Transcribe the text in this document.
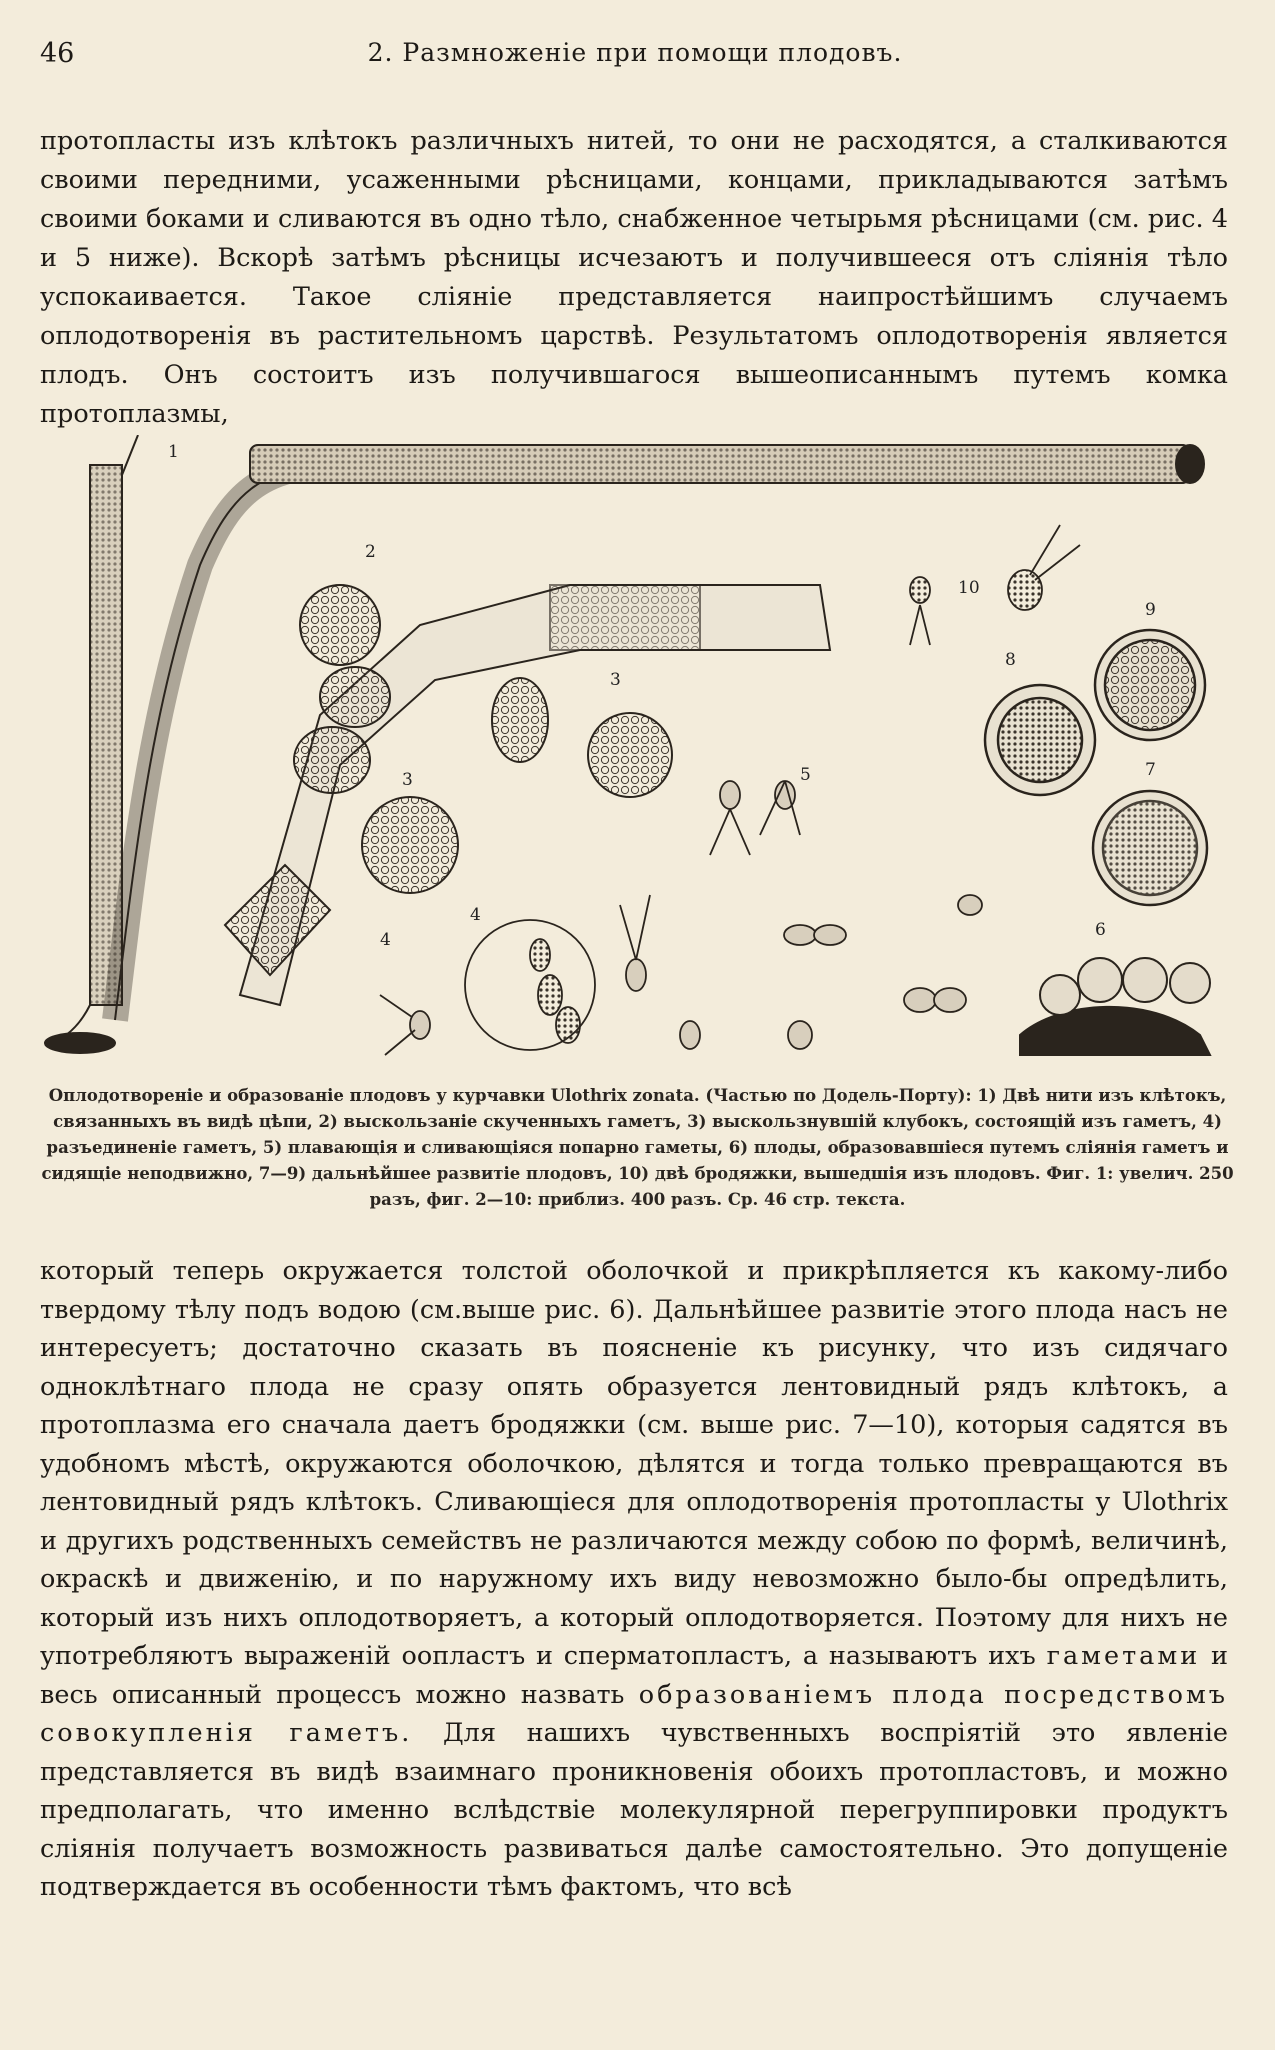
46	2. Размноженіе при помощи плодовъ.

протопласты изъ клѣтокъ различныхъ нитей, то они не расходятся, а сталкиваются своими передними, усаженными рѣсницами, концами, прикладываются затѣмъ своими боками и сливаются въ одно тѣло, снабженное четырьмя рѣсницами (см. рис. 4 и 5 ниже). Вскорѣ затѣмъ рѣсницы исчезаютъ и получившееся отъ слiянiя тѣло успокаивается. Такое слiянiе представляется наипростѣйшимъ случаемъ оплодотворенія въ растительномъ царствѣ. Результатомъ оплодотворенія является плодъ. Онъ состоитъ изъ получившагося вышеописаннымъ путемъ комка протоплазмы,

1
2
3
3
4
4
5
6
7
8
9
10

Оплодотвореніе и образованіе плодовъ у курчавки Ulothrix zonata. (Частью по Додель-Порту): 1) Двѣ нити изъ клѣтокъ, связанныхъ въ видѣ цѣпи, 2) выскользаніе скученныхъ гаметъ, 3) выскользнувшій клубокъ, состоящій изъ гаметъ, 4) разъединеніе гаметъ, 5) плавающія и сливающіяся попарно гаметы, 6) плоды, образовавшіеся путемъ слiянiя гаметъ и сидящіе неподвижно, 7—9) дальнѣйшее развитіе плодовъ, 10) двѣ бродяжки, вышедшія изъ плодовъ. Фиг. 1: увелич. 250 разъ, фиг. 2—10: приблиз. 400 разъ. Ср. 46 стр. текста.

который теперь окружается толстой оболочкой и прикрѣпляется къ какому-либо твердому тѣлу подъ водою (см.выше рис. 6). Дальнѣйшее развитіе этого плода насъ не интересуетъ; достаточно сказать въ поясненіе къ рисунку, что изъ сидячаго одноклѣтнаго плода не сразу опять образуется лентовидный рядъ клѣтокъ, а протоплазма его сначала даетъ бродяжки (см. выше рис. 7—10), которыя садятся въ удобномъ мѣстѣ, окружаются оболочкою, дѣлятся и тогда только превращаются въ лентовидный рядъ клѣтокъ. Сливающіеся для оплодотворенія протопласты у Ulothrix и другихъ родственныхъ семействъ не различаются между собою по формѣ, величинѣ, окраскѣ и движенію, и по наружному ихъ виду невозможно было-бы опредѣлить, который изъ нихъ оплодотворяетъ, а который оплодотворяется. Поэтому для нихъ не употребляютъ выраженій оопластъ и сперматопластъ, а называютъ ихъ гаметами и весь описанный процессъ можно назвать образованіемъ плода посредствомъ совокупленія гаметъ. Для нашихъ чувственныхъ воспріятій это явленіе представляется въ видѣ взаимнаго проникновенія обоихъ протопластовъ, и можно предполагать, что именно вслѣдствіе молекулярной перегруппировки продуктъ слiянiя получаетъ возможность развиваться далѣе самостоятельно. Это допущеніе подтверждается въ особенности тѣмъ фактомъ, что всѣ
